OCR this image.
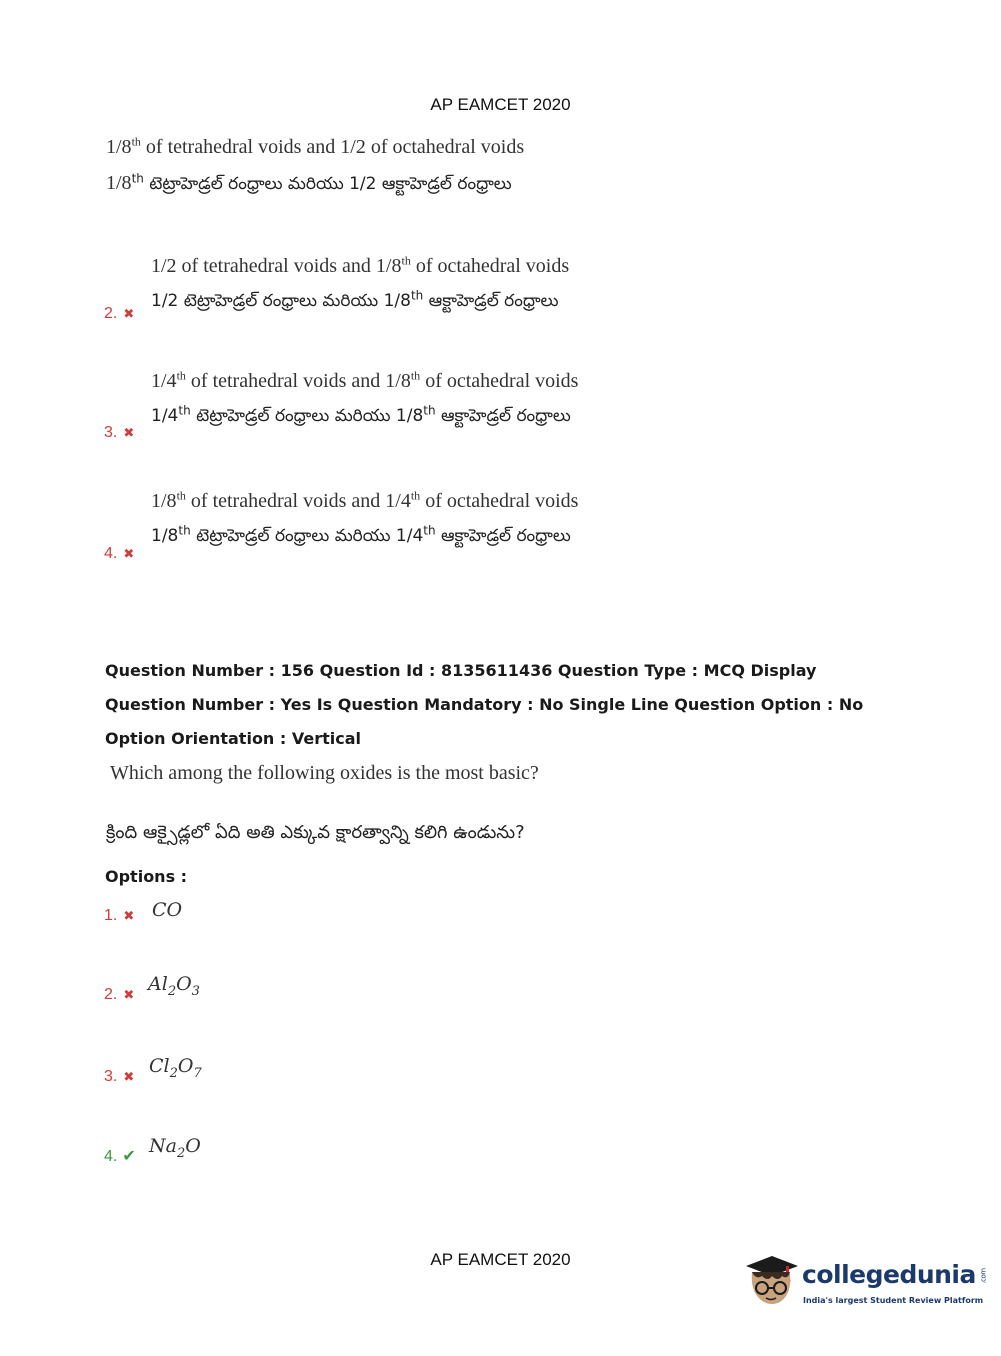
AP EAMCET 2020
1/8th of tetrahedral voids and 1/2 of octahedral voids
1/8th టెట్రాహెడ్రల్ రంధ్రాలు మరియు 1/2 ఆక్టాహెడ్రల్ రంధ్రాలు
1/2 of tetrahedral voids and 1/8th of octahedral voids
1/2 టెట్రాహెడ్రల్ రంధ్రాలు మరియు 1/8th ఆక్టాహెడ్రల్ రంధ్రాలు
2. ✖
1/4th of tetrahedral voids and 1/8th of octahedral voids
1/4th టెట్రాహెడ్రల్ రంధ్రాలు మరియు 1/8th ఆక్టాహెడ్రల్ రంధ్రాలు
3. ✖
1/8th of tetrahedral voids and 1/4th of octahedral voids
1/8th టెట్రాహెడ్రల్ రంధ్రాలు మరియు 1/4th ఆక్టాహెడ్రల్ రంధ్రాలు
4. ✖
Question Number : 156 Question Id : 8135611436 Question Type : MCQ Display Question Number : Yes Is Question Mandatory : No Single Line Question Option : No Option Orientation : Vertical
Which among the following oxides is the most basic?
క్రింది ఆక్సైడ్లలో ఏది అతి ఎక్కువ క్షారత్వాన్ని కలిగి ఉండును?
Options :
1. ✖ CO
2. ✖ $Al_2O_3$
3. ✖ $Cl_2O_7$
4. ✔ $Na_2O$
AP EAMCET 2020
collegedunia .com
India's largest Student Review Platform
